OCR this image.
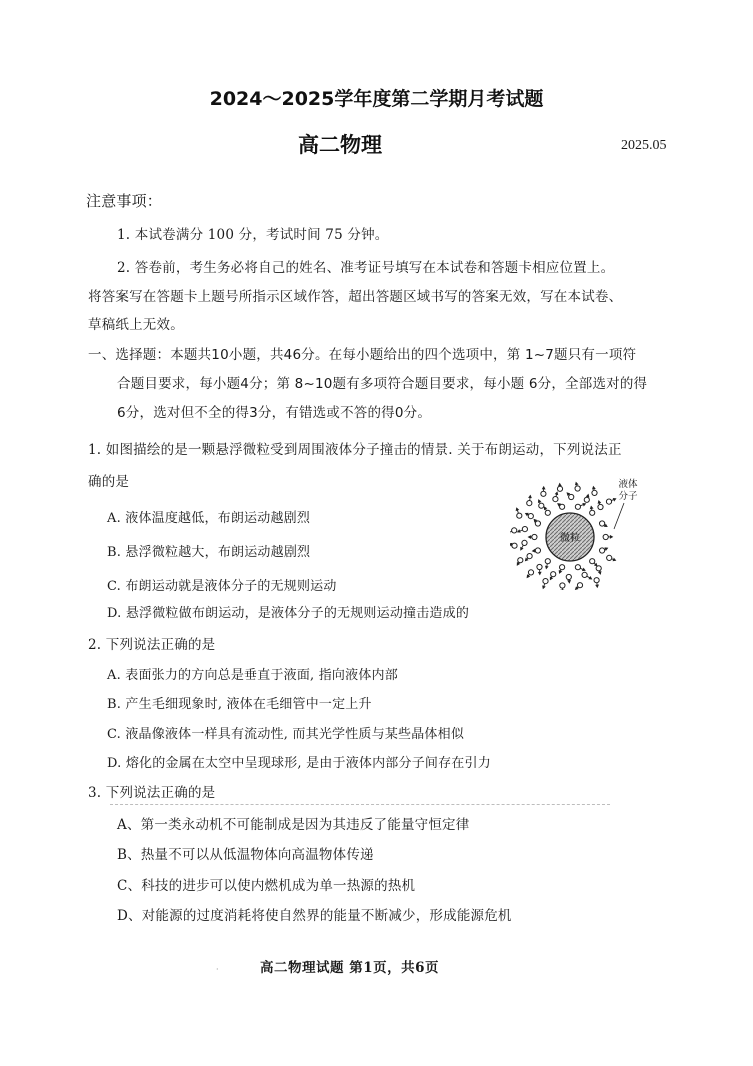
2024～2025学年度第二学期月考试题
高二物理	2025.05
注意事项：
1. 本试卷满分 100 分，考试时间 75 分钟。
2. 答卷前，考生务必将自己的姓名、准考证号填写在本试卷和答题卡相应位置上。
将答案写在答题卡上题号所指示区域作答，超出答题区域书写的答案无效，写在本试卷、
草稿纸上无效。
一、选择题：本题共10小题，共46分。在每小题给出的四个选项中，第 1~7题只有一项符
合题目要求，每小题4分；第 8~10题有多项符合题目要求，每小题 6分，全部选对的得
6分，选对但不全的得3分，有错选或不答的得0分。
1. 如图描绘的是一颗悬浮微粒受到周围液体分子撞击的情景. 关于布朗运动，下列说法正
确的是
A. 液体温度越低，布朗运动越剧烈
B. 悬浮微粒越大，布朗运动越剧烈
C. 布朗运动就是液体分子的无规则运动
D. 悬浮微粒做布朗运动，是液体分子的无规则运动撞击造成的
微粒
液体
分子
2. 下列说法正确的是
A. 表面张力的方向总是垂直于液面, 指向液体内部
B. 产生毛细现象时, 液体在毛细管中一定上升
C. 液晶像液体一样具有流动性, 而其光学性质与某些晶体相似
D. 熔化的金属在太空中呈现球形, 是由于液体内部分子间存在引力
3. 下列说法正确的是
A、第一类永动机不可能制成是因为其违反了能量守恒定律
B、热量不可以从低温物体向高温物体传递
C、科技的进步可以使内燃机成为单一热源的热机
D、对能源的过度消耗将使自然界的能量不断减少，形成能源危机
·	高二物理试题 第1页，共6页
